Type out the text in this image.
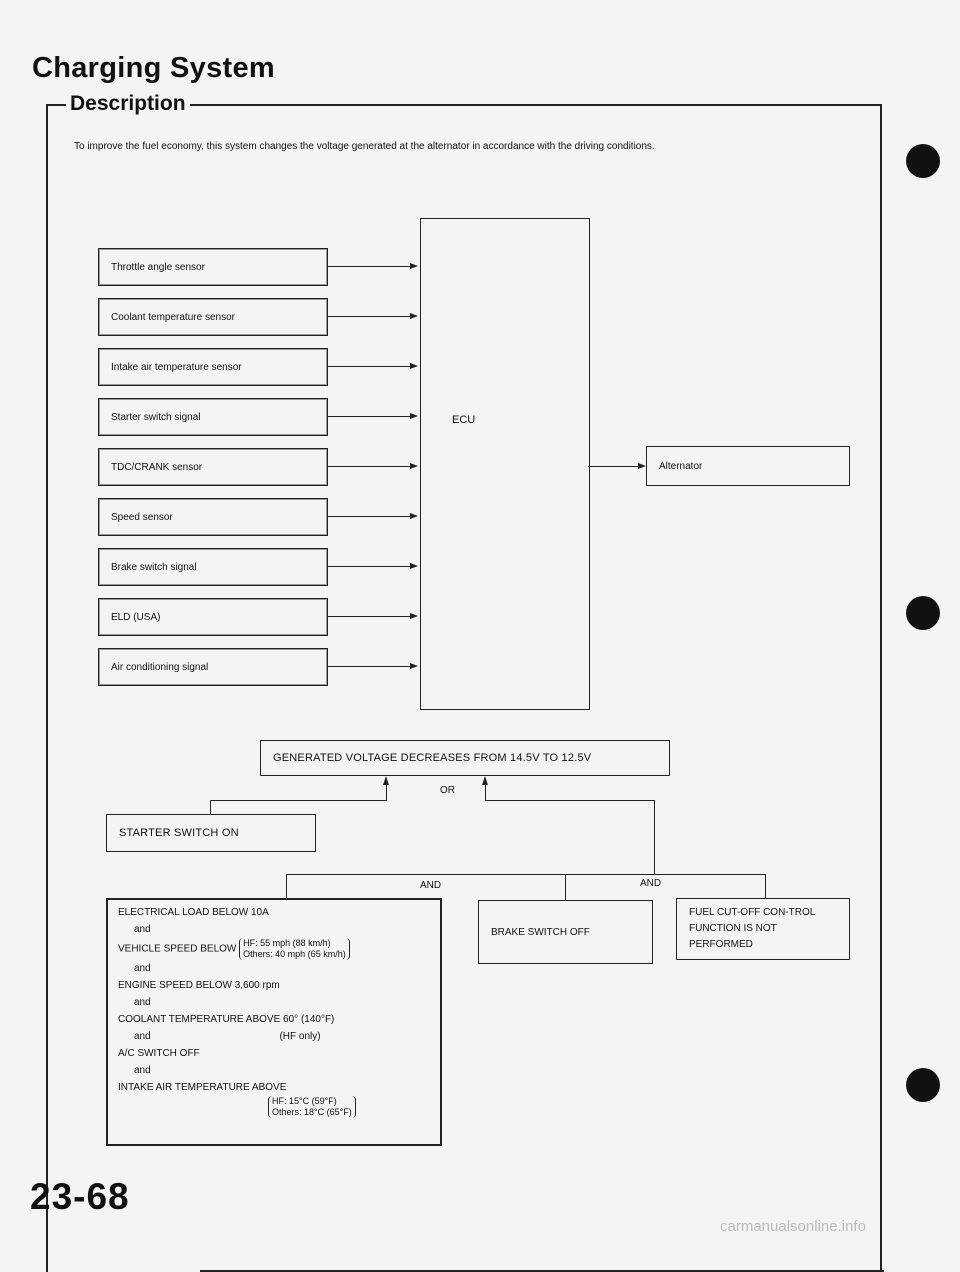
Charging System
Description
To improve the fuel economy, this system changes the voltage generated at the alternator in accordance with the driving conditions.
Throttle angle sensor
Coolant temperature sensor
Intake air temperature sensor
Starter switch signal
TDC/CRANK sensor
Speed sensor
Brake switch signal
ELD (USA)
Air conditioning signal
ECU
Alternator
GENERATED VOLTAGE DECREASES FROM 14.5V TO 12.5V
OR
STARTER SWITCH ON
AND	AND
BRAKE SWITCH OFF
FUEL CUT-OFF CON-TROL FUNCTION IS NOT PERFORMED
ELECTRICAL LOAD BELOW 10A
and
VEHICLE SPEED BELOW HF: 55 mph (88 km/h)
Others: 40 mph (65 km/h)
and
ENGINE SPEED BELOW 3,600 rpm
and
COOLANT TEMPERATURE ABOVE 60° (140°F)
and	(HF only)
A/C SWITCH OFF
and
INTAKE AIR TEMPERATURE ABOVE
HF: 15°C (59°F)
Others: 18°C (65°F)
23-68
carmanualsonline.info
